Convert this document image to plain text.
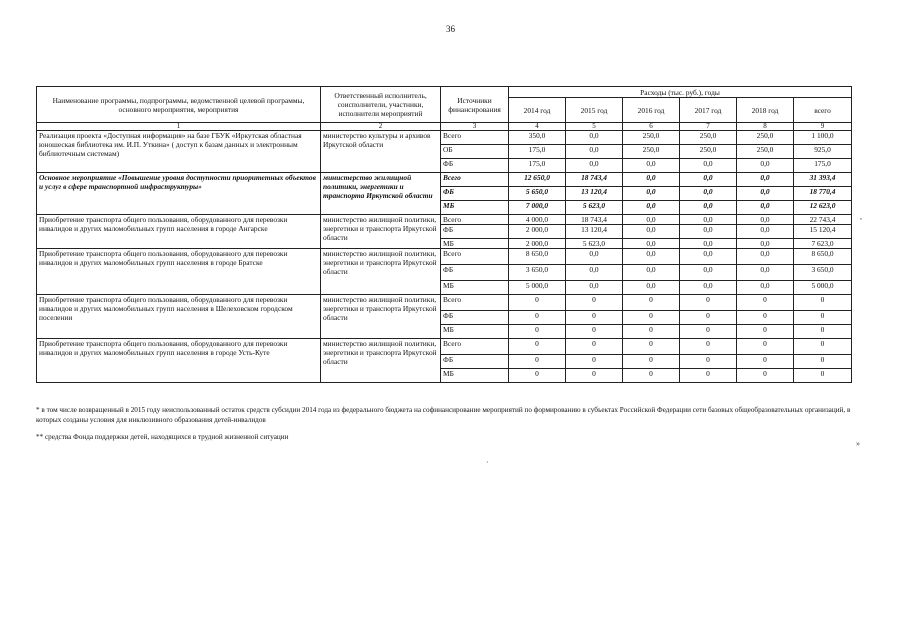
36
Наименование программы, подпрограммы, ведомственной целевой программы, основного мероприятия, мероприятия	Ответственный исполнитель, соисполнители, участники, исполнители мероприятий	Источники финансирования	Расходы (тыс. руб.), годы					
			2014 год	2015 год	2016 год	2017 год	2018 год	всего
1	2	3	4	5	6	7	8	9
Реализация проекта «Доступная информация» на базе ГБУК «Иркутская областная юношеская библиотека им. И.П. Уткина» ( доступ к базам данных и электронным библиотечным системам)	министерство культуры и архивов Иркутской области	Всего	350,0	0,0	250,0	250,0	250,0	1 100,0
		ОБ	175,0	0,0	250,0	250,0	250,0	925,0
		ФБ	175,0	0,0	0,0	0,0	0,0	175,0
Основное мероприятие «Повышение уровня доступности приоритетных объектов и услуг в сфере транспортной инфраструктуры»	министерство жилищной политики, энергетики и транспорта Иркутской области	Всего	12 650,0	18 743,4	0,0	0,0	0,0	31 393,4
		ФБ	5 650,0	13 120,4	0,0	0,0	0,0	18 770,4
		МБ	7 000,0	5 623,0	0,0	0,0	0,0	12 623,0
Приобретение транспорта общего пользования, оборудованного для перевозки инвалидов и других маломобильных групп населения в городе Ангарске	министерство жилищной политики, энергетики и транспорта Иркутской области	Всего	4 000,0	18 743,4	0,0	0,0	0,0	22 743,4
		ФБ	2 000,0	13 120,4	0,0	0,0	0,0	15 120,4
		МБ	2 000,0	5 623,0	0,0	0,0	0,0	7 623,0
Приобретение транспорта общего пользования, оборудованного для перевозки инвалидов и других маломобильных групп населения в городе Братске	министерство жилищной политики, энергетики и транспорта Иркутской области	Всего	8 650,0	0,0	0,0	0,0	0,0	8 650,0
		ФБ	3 650,0	0,0	0,0	0,0	0,0	3 650,0
		МБ	5 000,0	0,0	0,0	0,0	0,0	5 000,0
Приобретение транспорта общего пользования, оборудованного для перевозки инвалидов и других маломобильных групп населения в Шелеховском городском поселении	министерство жилищной политики, энергетики и транспорта Иркутской области	Всего	0	0	0	0	0	0
		ФБ	0	0	0	0	0	0
		МБ	0	0	0	0	0	0
Приобретение транспорта общего пользования, оборудованного для перевозки инвалидов и других маломобильных групп населения в городе Усть-Куте	министерство жилищной политики, энергетики и транспорта Иркутской области	Всего	0	0	0	0	0	0
		ФБ	0	0	0	0	0	0
		МБ	0	0	0	0	0	0

* в том числе возвращенный в 2015 году неиспользованный остаток средств субсидии 2014 года из федерального бюджета на софинансирование мероприятий по формированию в субъектах Российской Федерации сети базовых общеобразовательных организаций, в которых созданы условия для инклюзивного образования детей-инвалидов

** средства Фонда поддержки детей, находящихся в трудной жизненной ситуации

,
»
·
